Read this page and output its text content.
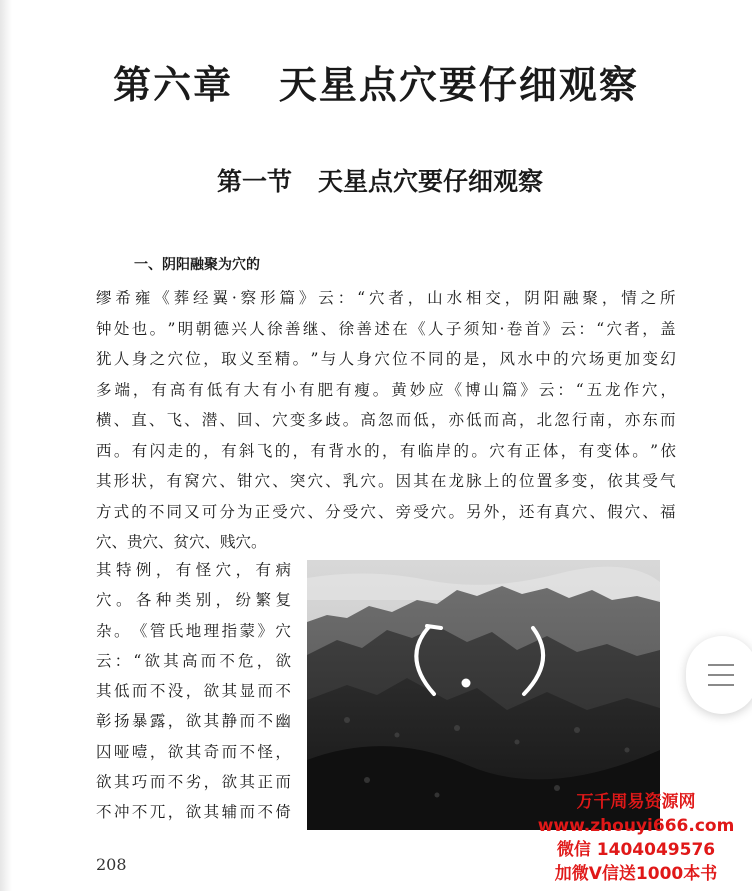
第六章   天星点穴要仔细观察
第一节   天星点穴要仔细观察
一、阴阳融聚为穴的
缪 希 雍 《 葬 经 翼 · 察 形 篇 》 云 ： “ 穴 者 ， 山 水 相 交 ， 阴 阳 融 聚 ， 情 之 所
钟 处 也 。 ” 明 朝 德 兴 人 徐 善 继 、 徐 善 述 在 《 人 子 须 知 · 卷 首 》 云 ： “ 穴 者 ， 盖
犹 人 身 之 穴 位 ， 取 义 至 精 。 ” 与 人 身 穴 位 不 同 的 是 ， 风 水 中 的 穴 场 更 加 变 幻
多 端 ， 有 高 有 低 有 大 有 小 有 肥 有 瘦 。 黄 妙 应 《 博 山 篇 》 云 ： “ 五 龙 作 穴 ，
横 、 直 、 飞 、 潜 、 回 、 穴 变 多 歧 。 高 忽 而 低 ， 亦 低 而 高 ， 北 忽 行 南 ， 亦 东 而
西 。 有 闪 走 的 ， 有 斜 飞 的 ， 有 背 水 的 ， 有 临 岸 的 。 穴 有 正 体 ， 有 变 体 。 ” 依
其 形 状 ， 有 窝 穴 、 钳 穴 、 突 穴 、 乳 穴 。 因 其 在 龙 脉 上 的 位 置 多 变 ， 依 其 受 气
方 式 的 不 同 又 可 分 为 正 受 穴 、 分 受 穴 、 旁 受 穴 。 另 外 ， 还 有 真 穴 、 假 穴 、 福
穴、贵穴、贫穴、贱穴。
其 特 例 ， 有 怪 穴 ， 有 病
穴 。 各 种 类 别 ， 纷 繁 复
杂 。 《 管 氏 地 理 指 蒙 》 穴
云 ： “ 欲 其 高 而 不 危 ， 欲
其 低 而 不 没 ， 欲 其 显 而 不
彰 扬 暴 露 ， 欲 其 静 而 不 幽
囚 哑 噎 ， 欲 其 奇 而 不 怪 ，
欲 其 巧 而 不 劣 ， 欲 其 正 而
不 冲 不 兀 ， 欲 其 辅 而 不 倚
208
万千周易资源网
www.zhouyi666.com
微信 1404049576
加微V信送1000本书
